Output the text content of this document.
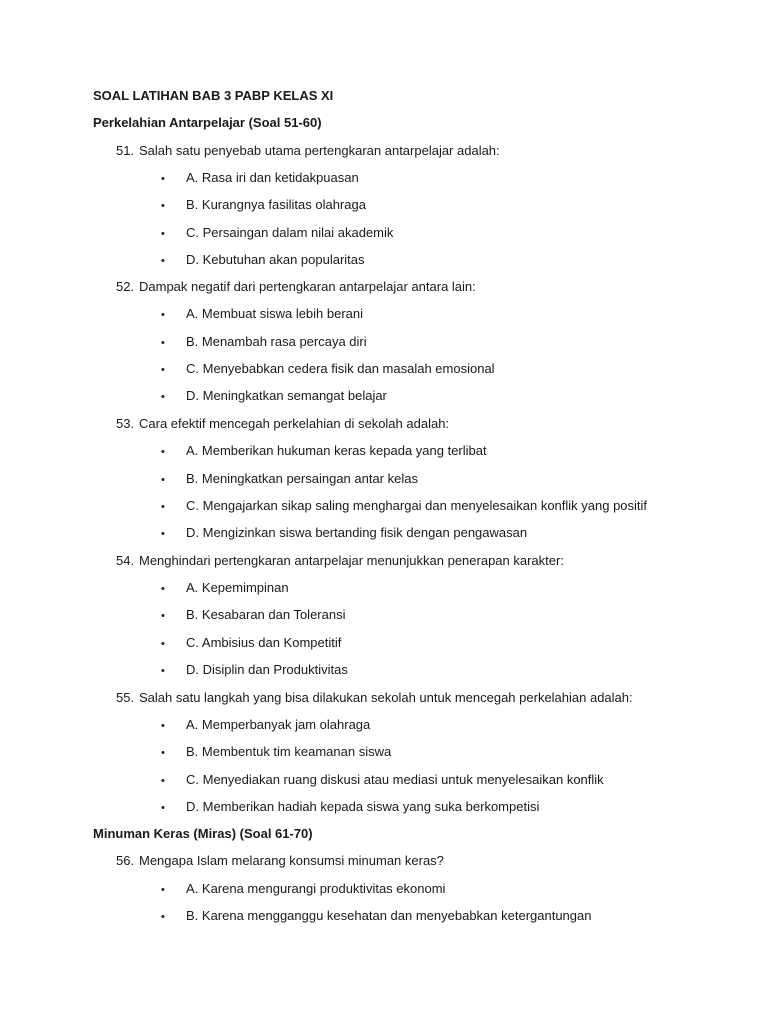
SOAL LATIHAN BAB 3 PABP KELAS XI
Perkelahian Antarpelajar (Soal 51-60)
51. Salah satu penyebab utama pertengkaran antarpelajar adalah:
• A. Rasa iri dan ketidakpuasan
• B. Kurangnya fasilitas olahraga
• C. Persaingan dalam nilai akademik
• D. Kebutuhan akan popularitas
52. Dampak negatif dari pertengkaran antarpelajar antara lain:
• A. Membuat siswa lebih berani
• B. Menambah rasa percaya diri
• C. Menyebabkan cedera fisik dan masalah emosional
• D. Meningkatkan semangat belajar
53. Cara efektif mencegah perkelahian di sekolah adalah:
• A. Memberikan hukuman keras kepada yang terlibat
• B. Meningkatkan persaingan antar kelas
• C. Mengajarkan sikap saling menghargai dan menyelesaikan konflik yang positif
• D. Mengizinkan siswa bertanding fisik dengan pengawasan
54. Menghindari pertengkaran antarpelajar menunjukkan penerapan karakter:
• A. Kepemimpinan
• B. Kesabaran dan Toleransi
• C. Ambisius dan Kompetitif
• D. Disiplin dan Produktivitas
55. Salah satu langkah yang bisa dilakukan sekolah untuk mencegah perkelahian adalah:
• A. Memperbanyak jam olahraga
• B. Membentuk tim keamanan siswa
• C. Menyediakan ruang diskusi atau mediasi untuk menyelesaikan konflik
• D. Memberikan hadiah kepada siswa yang suka berkompetisi
Minuman Keras (Miras) (Soal 61-70)
56. Mengapa Islam melarang konsumsi minuman keras?
• A. Karena mengurangi produktivitas ekonomi
• B. Karena mengganggu kesehatan dan menyebabkan ketergantungan
